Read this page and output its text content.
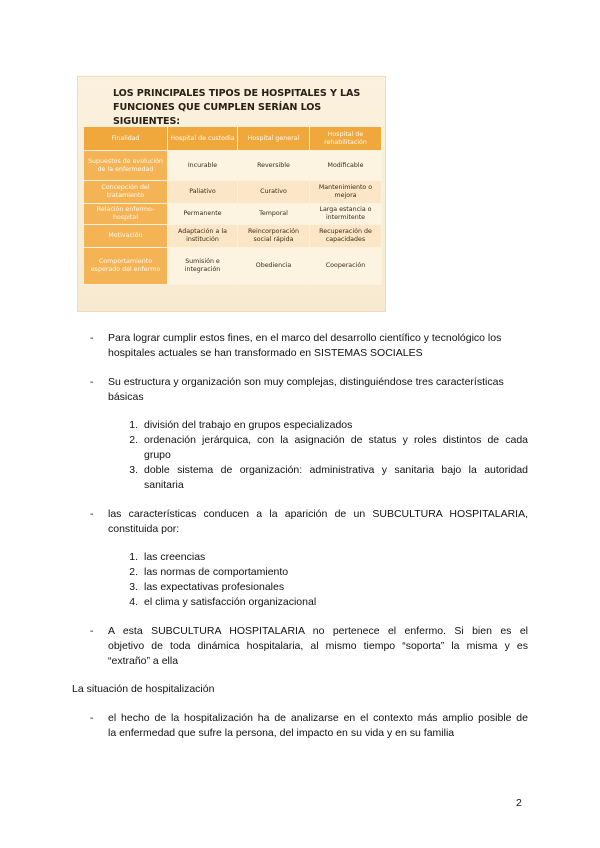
LOS PRINCIPALES TIPOS DE HOSPITALES Y LAS
FUNCIONES QUE CUMPLEN SERÍAN LOS SIGUIENTES:
Finalidad	Hospital de custodia	Hospital general	Hospital de rehabilitación
Supuestos de evolución de la enfermedad	Incurable	Reversible	Modificable
Concepción del tratamiento	Paliativo	Curativo	Mantenimiento o mejora
Relación enfermo-hospital	Permanente	Temporal	Larga estancia o intermitente
Motivación	Adaptación a la institución	Reincorporación social rápida	Recuperación de capacidades
Comportamiento esperado del enfermo	Sumisión e integración	Obediencia	Cooperación
- Para lograr cumplir estos fines, en el marco del desarrollo científico y tecnológico los
hospitales actuales se han transformado en SISTEMAS SOCIALES
- Su estructura y organización son muy complejas, distinguiéndose tres características
básicas
1. división del trabajo en grupos especializados
2. ordenación jerárquica, con la asignación de status y roles distintos de cada
grupo
3. doble sistema de organización: administrativa y sanitaria bajo la autoridad
sanitaria
- las características conducen a la aparición de un SUBCULTURA HOSPITALARIA,
constituida por:
1. las creencias
2. las normas de comportamiento
3. las expectativas profesionales
4. el clima y satisfacción organizacional
- A esta SUBCULTURA HOSPITALARIA no pertenece el enfermo. Si bien es el
objetivo de toda dinámica hospitalaria, al mismo tiempo “soporta” la misma y es
“extraño” a ella
La situación de hospitalización
- el hecho de la hospitalización ha de analizarse en el contexto más amplio posible de
la enfermedad que sufre la persona, del impacto en su vida y en su familia
2
